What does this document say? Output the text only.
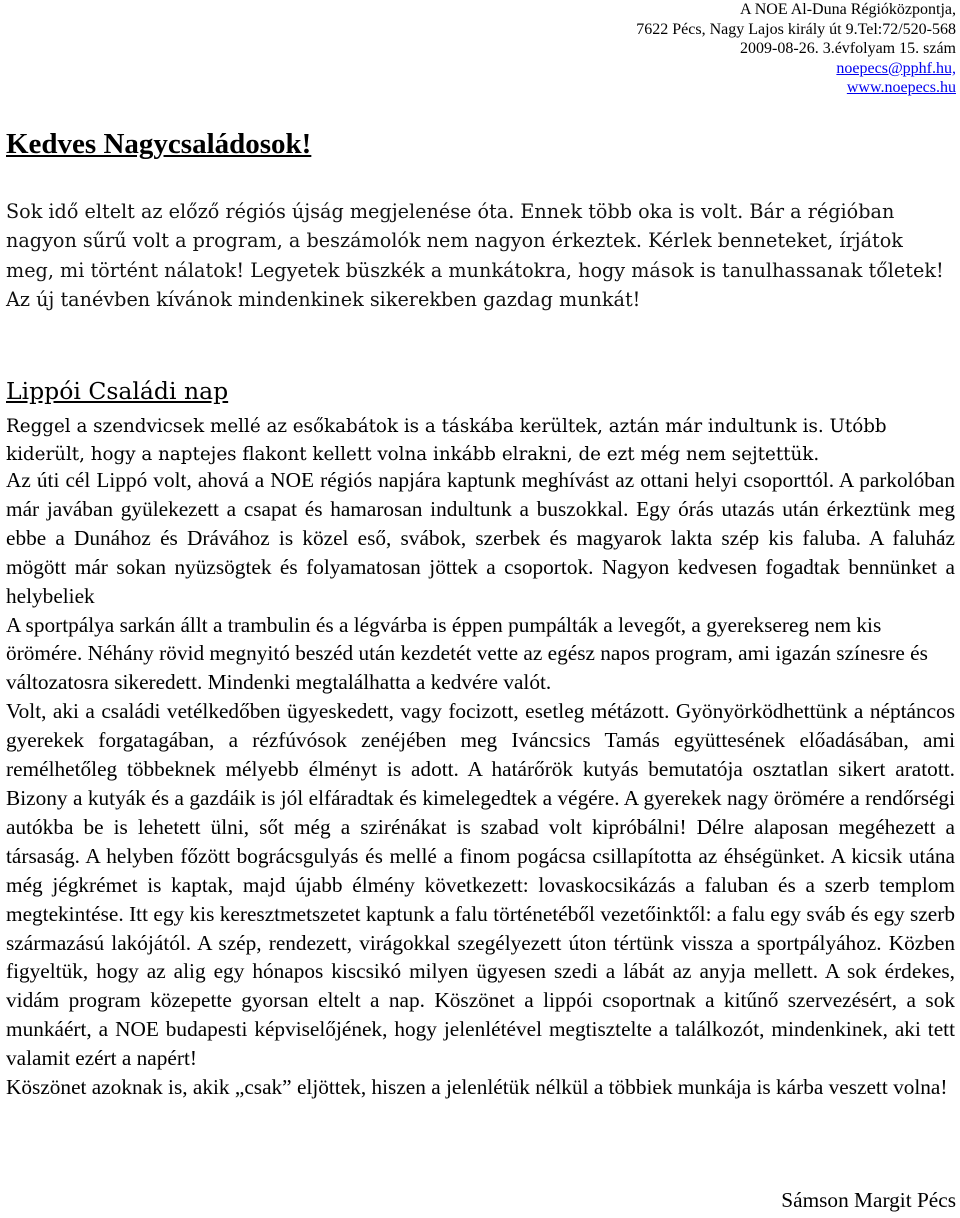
A NOE Al-Duna Régióközpontja,
7622 Pécs, Nagy Lajos király út 9.Tel:72/520-568
2009-08-26. 3.évfolyam 15. szám
noepecs@pphf.hu,
www.noepecs.hu
Kedves Nagycsaládosok!

Sok idő eltelt az előző régiós újság megjelenése óta. Ennek több oka is volt. Bár a régióban nagyon sűrű volt a program, a beszámolók nem nagyon érkeztek. Kérlek benneteket, írjátok meg, mi történt nálatok! Legyetek büszkék a munkátokra, hogy mások is tanulhassanak tőletek!

Az új tanévben kívánok mindenkinek sikerekben gazdag munkát!

Lippói Családi nap

Reggel a szendvicsek mellé az esőkabátok is a táskába kerültek, aztán már indultunk is. Utóbb kiderült, hogy a naptejes flakont kellett volna inkább elrakni, de ezt még nem sejtettük.

Az úti cél Lippó volt, ahová a NOE régiós napjára kaptunk meghívást az ottani helyi csoporttól. A parkolóban már javában gyülekezett a csapat és hamarosan indultunk a buszokkal. Egy órás utazás után érkeztünk meg ebbe a Dunához és Drávához is közel eső, svábok, szerbek és magyarok lakta szép kis faluba. A faluház mögött már sokan nyüzsögtek és folyamatosan jöttek a csoportok. Nagyon kedvesen fogadtak bennünket a helybeliek

A sportpálya sarkán állt a trambulin és a légvárba is éppen pumpálták a levegőt, a gyereksereg nem kis örömére. Néhány rövid megnyitó beszéd után kezdetét vette az egész napos program, ami igazán színesre és változatosra sikeredett. Mindenki megtalálhatta a kedvére valót.

Volt, aki a családi vetélkedőben ügyeskedett, vagy focizott, esetleg métázott. Gyönyörködhettünk a néptáncos gyerekek forgatagában, a rézfúvósok zenéjében meg Iváncsics Tamás együttesének előadásában, ami remélhetőleg többeknek mélyebb élményt is adott. A határőrök kutyás bemutatója osztatlan sikert aratott. Bizony a kutyák és a gazdáik is jól elfáradtak és kimelegedtek a végére. A gyerekek nagy örömére a rendőrségi autókba be is lehetett ülni, sőt még a szirénákat is szabad volt kipróbálni! Délre alaposan megéhezett a társaság. A helyben főzött bográcsgulyás és mellé a finom pogácsa csillapította az éhségünket. A kicsik utána még jégkrémet is kaptak, majd újabb élmény következett: lovaskocsikázás a faluban és a szerb templom megtekintése. Itt egy kis keresztmetszetet kaptunk a falu történetéből vezetőinktől: a falu egy sváb és egy szerb származású lakójától. A szép, rendezett, virágokkal szegélyezett úton tértünk vissza a sportpályához. Közben figyeltük, hogy az alig egy hónapos kiscsikó milyen ügyesen szedi a lábát az anyja mellett. A sok érdekes, vidám program közepette gyorsan eltelt a nap. Köszönet a lippói csoportnak a kitűnő szervezésért, a sok munkáért, a NOE budapesti képviselőjének, hogy jelenlétével megtisztelte a találkozót, mindenkinek, aki tett valamit ezért a napért!

Köszönet azoknak is, akik „csak” eljöttek, hiszen a jelenlétük nélkül a többiek munkája is kárba veszett volna!

Sámson Margit Pécs
